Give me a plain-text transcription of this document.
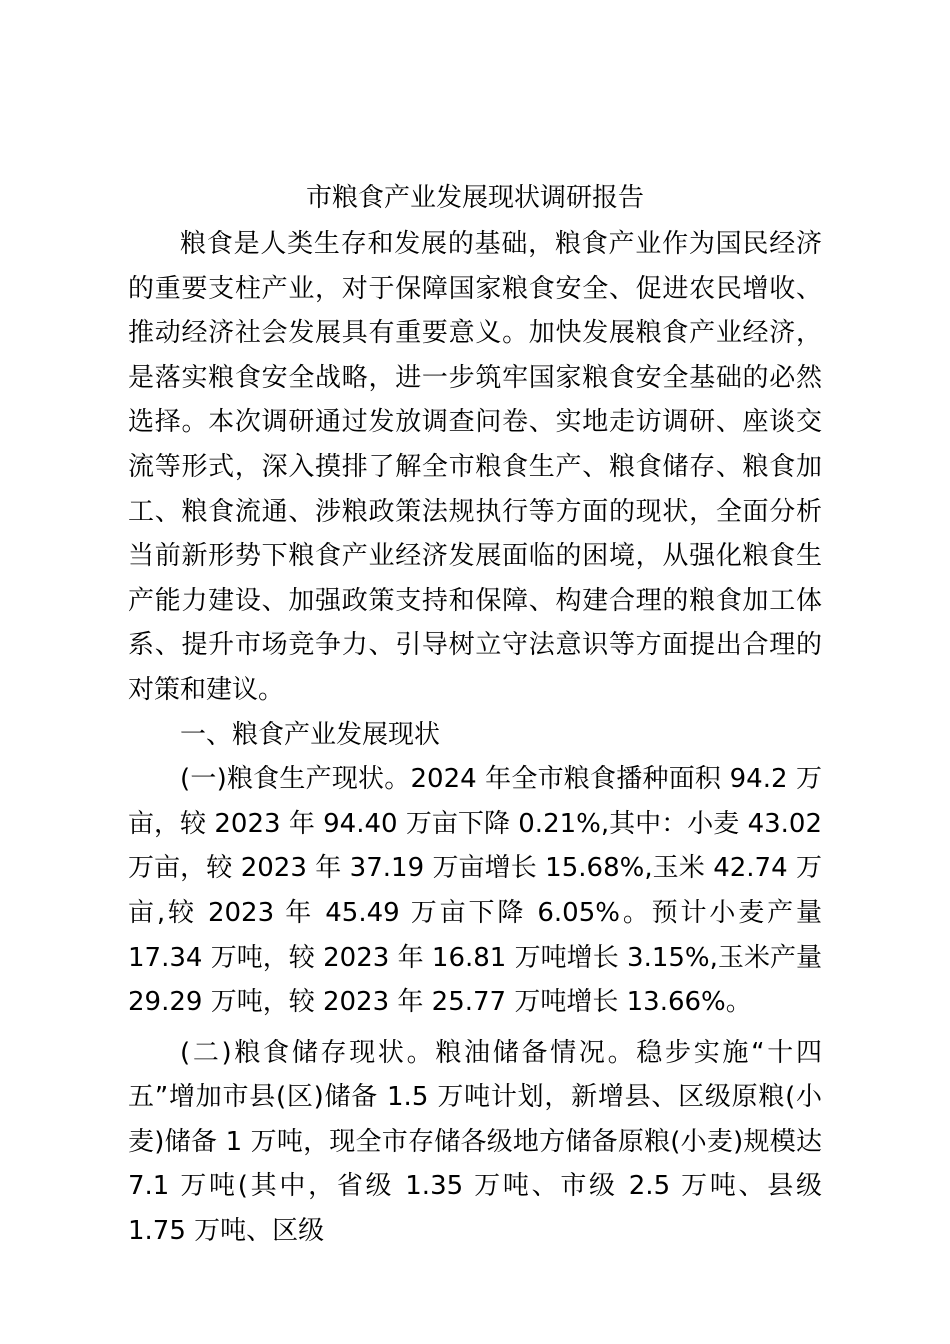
市粮食产业发展现状调研报告

粮食是人类生存和发展的基础，粮食产业作为国民经济的重要支柱产业，对于保障国家粮食安全、促进农民增收、推动经济社会发展具有重要意义。加快发展粮食产业经济，是落实粮食安全战略，进一步筑牢国家粮食安全基础的必然选择。本次调研通过发放调查问卷、实地走访调研、座谈交流等形式，深入摸排了解全市粮食生产、粮食储存、粮食加工、粮食流通、涉粮政策法规执行等方面的现状，全面分析当前新形势下粮食产业经济发展面临的困境，从强化粮食生产能力建设、加强政策支持和保障、构建合理的粮食加工体系、提升市场竞争力、引导树立守法意识等方面提出合理的对策和建议。

一、粮食产业发展现状

(一)粮食生产现状。2024 年全市粮食播种面积 94.2 万亩，较 2023 年 94.40 万亩下降 0.21%,其中：小麦 43.02 万亩，较 2023 年 37.19 万亩增长 15.68%,玉米 42.74 万亩,较 2023 年 45.49 万亩下降 6.05%。预计小麦产量 17.34 万吨，较 2023 年 16.81 万吨增长 3.15%,玉米产量 29.29 万吨，较 2023 年 25.77 万吨增长 13.66%。

(二)粮食储存现状。粮油储备情况。稳步实施“十四五”增加市县(区)储备 1.5 万吨计划，新增县、区级原粮(小麦)储备 1 万吨，现全市存储各级地方储备原粮(小麦)规模达 7.1 万吨(其中，省级 1.35 万吨、市级 2.5 万吨、县级 1.75 万吨、区级
